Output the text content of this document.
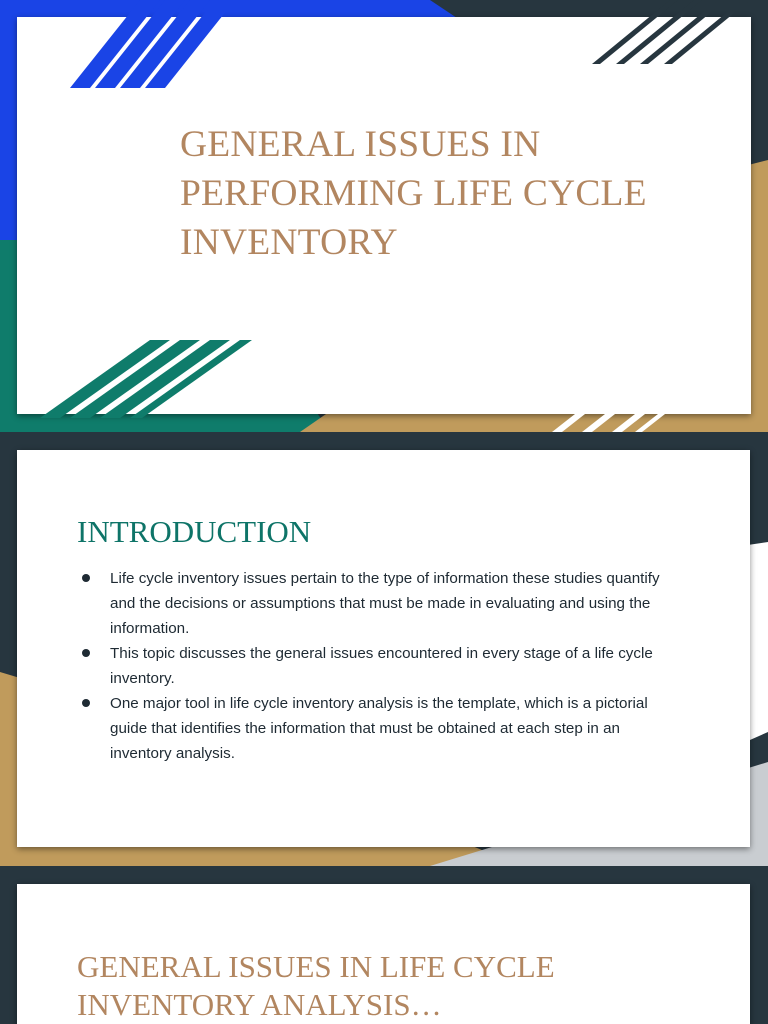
GENERAL ISSUES IN PERFORMING LIFE CYCLE INVENTORY
INTRODUCTION
Life cycle inventory issues pertain to the type of information these studies quantify and the decisions or assumptions that must be made in evaluating and using the information.
This topic discusses the general issues encountered in every stage of a life cycle inventory.
One major tool in life cycle inventory analysis is the template, which is a pictorial guide that identifies the information that must be obtained at each step in an inventory analysis.
GENERAL ISSUES IN LIFE CYCLE INVENTORY ANALYSIS…
